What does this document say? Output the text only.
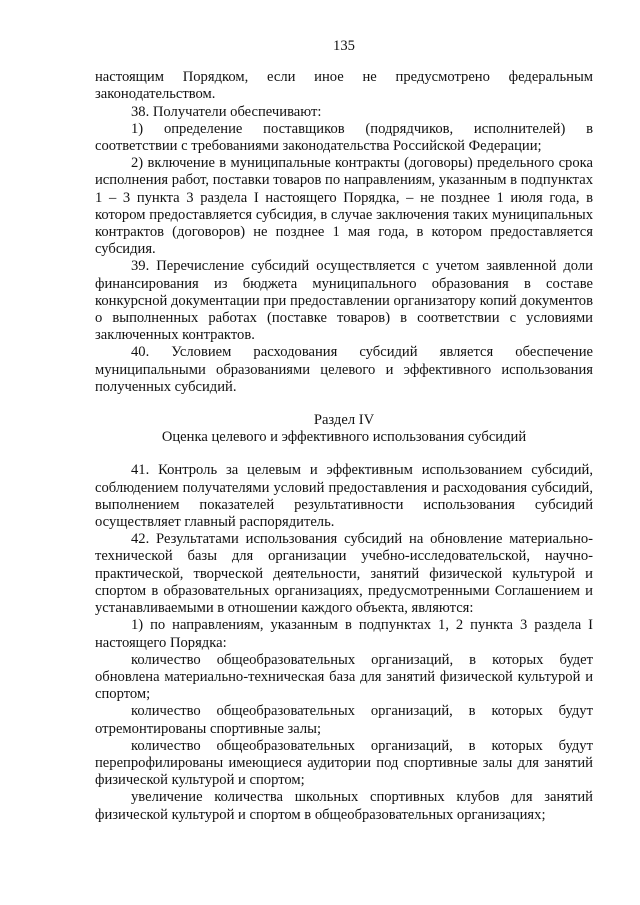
135

настоящим Порядком, если иное не предусмотрено федеральным законодательством.

38. Получатели обеспечивают:

1) определение поставщиков (подрядчиков, исполнителей) в соответствии с требованиями законодательства Российской Федерации;

2) включение в муниципальные контракты (договоры) предельного срока исполнения работ, поставки товаров по направлениям, указанным в подпунктах 1 – 3 пункта 3 раздела I настоящего Порядка, – не позднее 1 июля года, в котором предоставляется субсидия, в случае заключения таких муниципальных контрактов (договоров) не позднее 1 мая года, в котором предоставляется субсидия.

39. Перечисление субсидий осуществляется с учетом заявленной доли финансирования из бюджета муниципального образования в составе конкурсной документации при предоставлении организатору копий документов о выполненных работах (поставке товаров) в соответствии с условиями заключенных контрактов.

40. Условием расходования субсидий является обеспечение муниципальными образованиями целевого и эффективного использования полученных субсидий.

Раздел IV

Оценка целевого и эффективного использования субсидий

41. Контроль за целевым и эффективным использованием субсидий, соблюдением получателями условий предоставления и расходования субсидий, выполнением показателей результативности использования субсидий осуществляет главный распорядитель.

42. Результатами использования субсидий на обновление материально-технической базы для организации учебно-исследовательской, научно-практической, творческой деятельности, занятий физической культурой и спортом в образовательных организациях, предусмотренными Соглашением и устанавливаемыми в отношении каждого объекта, являются:

1) по направлениям, указанным в подпунктах 1, 2 пункта 3 раздела I настоящего Порядка:

количество общеобразовательных организаций, в которых будет обновлена материально-техническая база для занятий физической культурой и спортом;

количество общеобразовательных организаций, в которых будут отремонтированы спортивные залы;

количество общеобразовательных организаций, в которых будут перепрофилированы имеющиеся аудитории под спортивные залы для занятий физической культурой и спортом;

увеличение количества школьных спортивных клубов для занятий физической культурой и спортом в общеобразовательных организациях;
